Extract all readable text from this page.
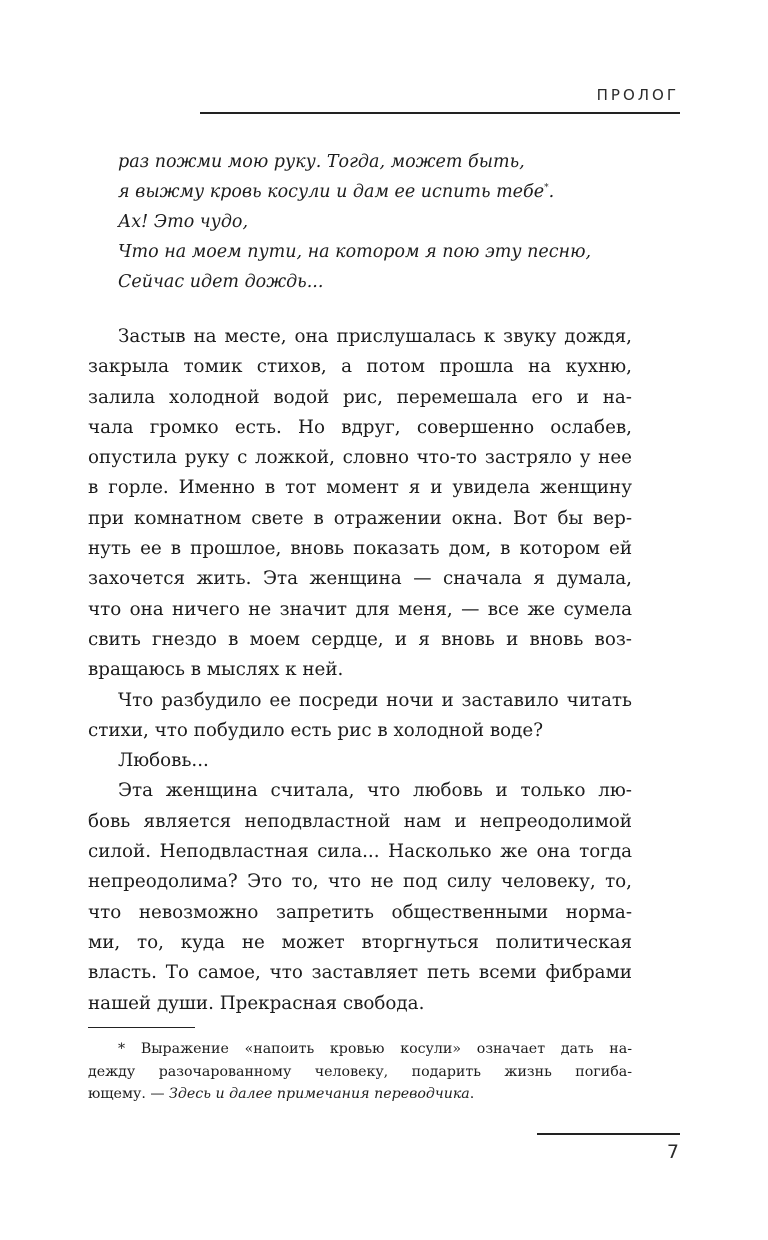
ПРОЛОГ
раз пожми мою руку. Тогда, может быть,
я выжму кровь косули и дам ее испить тебе*.
Ах! Это чудо,
Что на моем пути, на котором я пою эту песню,
Сейчас идет дождь...
Застыв на месте, она прислушалась к звуку дождя,
закрыла томик стихов, а потом прошла на кухню,
залила холодной водой рис, перемешала его и на-
чала громко есть. Но вдруг, совершенно ослабев,
опустила руку с ложкой, словно что-то застряло у нее
в горле. Именно в тот момент я и увидела женщину
при комнатном свете в отражении окна. Вот бы вер-
нуть ее в прошлое, вновь показать дом, в котором ей
захочется жить. Эта женщина — сначала я думала,
что она ничего не значит для меня, — все же сумела
свить гнездо в моем сердце, и я вновь и вновь воз-
вращаюсь в мыслях к ней.
Что разбудило ее посреди ночи и заставило читать
стихи, что побудило есть рис в холодной воде?
Любовь...
Эта женщина считала, что любовь и только лю-
бовь является неподвластной нам и непреодолимой
силой. Неподвластная сила... Насколько же она тогда
непреодолима? Это то, что не под силу человеку, то,
что невозможно запретить общественными норма-
ми, то, куда не может вторгнуться политическая
власть. То самое, что заставляет петь всеми фибрами
нашей души. Прекрасная свобода.
* Выражение «напоить кровью косули» означает дать на-
дежду разочарованному человеку, подарить жизнь погиба-
ющему. — Здесь и далее примечания переводчика.
7
